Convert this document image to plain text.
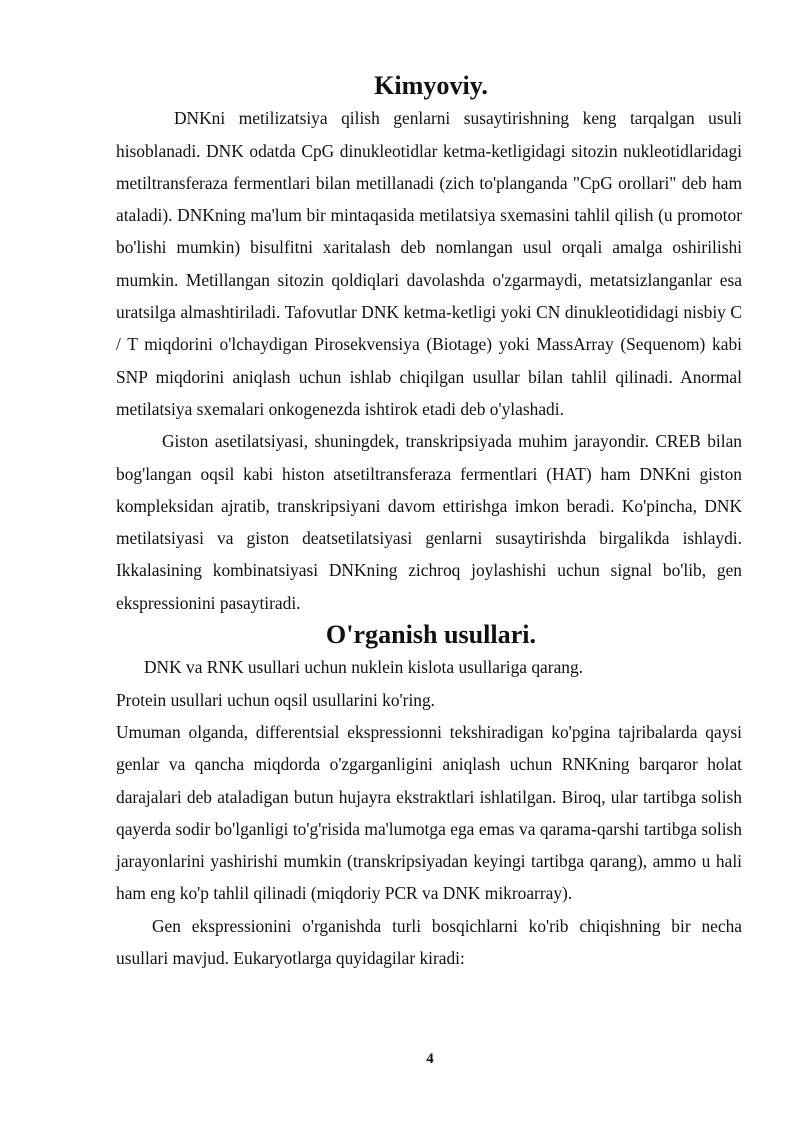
Kimyoviy.

DNKni metilizatsiya qilish genlarni susaytirishning keng tarqalgan usuli hisoblanadi. DNK odatda CpG dinukleotidlar ketma-ketligidagi sitozin nukleotidlaridagi metiltransferaza fermentlari bilan metillanadi (zich to'planganda "CpG orollari" deb ham ataladi). DNKning ma'lum bir mintaqasida metilatsiya sxemasini tahlil qilish (u promotor bo'lishi mumkin) bisulfitni xaritalash deb nomlangan usul orqali amalga oshirilishi mumkin. Metillangan sitozin qoldiqlari davolashda o'zgarmaydi, metatsizlanganlar esa uratsilga almashtiriladi. Tafovutlar DNK ketma-ketligi yoki CN dinukleotididagi nisbiy C / T miqdorini o'lchaydigan Pirosekvensiya (Biotage) yoki MassArray (Sequenom) kabi SNP miqdorini aniqlash uchun ishlab chiqilgan usullar bilan tahlil qilinadi. Anormal metilatsiya sxemalari onkogenezda ishtirok etadi deb o'ylashadi.

Giston asetilatsiyasi, shuningdek, transkripsiyada muhim jarayondir. CREB bilan bog'langan oqsil kabi histon atsetiltransferaza fermentlari (HAT) ham DNKni giston kompleksidan ajratib, transkripsiyani davom ettirishga imkon beradi. Ko'pincha, DNK metilatsiyasi va giston deatsetilatsiyasi genlarni susaytirishda birgalikda ishlaydi. Ikkalasining kombinatsiyasi DNKning zichroq joylashishi uchun signal bo'lib, gen ekspressionini pasaytiradi.

O'rganish usullari.

DNK va RNK usullari uchun nuklein kislota usullariga qarang.

Protein usullari uchun oqsil usullarini ko'ring.

Umuman olganda, differentsial ekspressionni tekshiradigan ko'pgina tajribalarda qaysi genlar va qancha miqdorda o'zgarganligini aniqlash uchun RNKning barqaror holat darajalari deb ataladigan butun hujayra ekstraktlari ishlatilgan. Biroq, ular tartibga solish qayerda sodir bo'lganligi to'g'risida ma'lumotga ega emas va qarama-qarshi tartibga solish jarayonlarini yashirishi mumkin (transkripsiyadan keyingi tartibga qarang), ammo u hali ham eng ko'p tahlil qilinadi (miqdoriy PCR va DNK mikroarray).

Gen ekspressionini o'rganishda turli bosqichlarni ko'rib chiqishning bir necha usullari mavjud. Eukaryotlarga quyidagilar kiradi:

4
